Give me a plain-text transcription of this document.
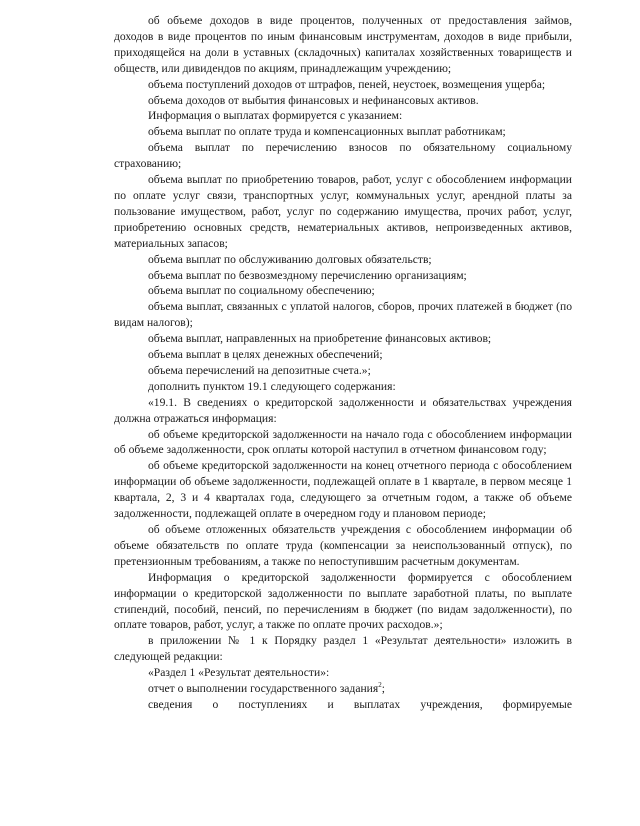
об объеме доходов в виде процентов, полученных от предоставления займов, доходов в виде процентов по иным финансовым инструментам, доходов в виде прибыли, приходящейся на доли в уставных (складочных) капиталах хозяйственных товариществ и обществ, или дивидендов по акциям, принадлежащим учреждению;

объема поступлений доходов от штрафов, пеней, неустоек, возмещения ущерба;

объема доходов от выбытия финансовых и нефинансовых активов.

Информация о выплатах формируется с указанием:

объема выплат по оплате труда и компенсационных выплат работникам;

объема выплат по перечислению взносов по обязательному социальному страхованию;

объема выплат по приобретению товаров, работ, услуг с обособлением информации по оплате услуг связи, транспортных услуг, коммунальных услуг, арендной платы за пользование имуществом, работ, услуг по содержанию имущества, прочих работ, услуг, приобретению основных средств, нематериальных активов, непроизведенных активов, материальных запасов;

объема выплат по обслуживанию долговых обязательств;

объема выплат по безвозмездному перечислению организациям;

объема выплат по социальному обеспечению;

объема выплат, связанных с уплатой налогов, сборов, прочих платежей в бюджет (по видам налогов);

объема выплат, направленных на приобретение финансовых активов;

объема выплат в целях денежных обеспечений;

объема перечислений на депозитные счета.»;

дополнить пунктом 19.1 следующего содержания:

«19.1. В сведениях о кредиторской задолженности и обязательствах учреждения должна отражаться информация:

об объеме кредиторской задолженности на начало года с обособлением информации об объеме задолженности, срок оплаты которой наступил в отчетном финансовом году;

об объеме кредиторской задолженности на конец отчетного периода с обособлением информации об объеме задолженности, подлежащей оплате в 1 квартале, в первом месяце 1 квартала, 2, 3 и 4 кварталах года, следующего за отчетным годом, а также об объеме задолженности, подлежащей оплате в очередном году и плановом периоде;

об объеме отложенных обязательств учреждения с обособлением информации об объеме обязательств по оплате труда (компенсации за неиспользованный отпуск), по претензионным требованиям, а также по непоступившим расчетным документам.

Информация о кредиторской задолженности формируется с обособлением информации о кредиторской задолженности по выплате заработной платы, по выплате стипендий, пособий, пенсий, по перечислениям в бюджет (по видам задолженности), по оплате товаров, работ, услуг, а также по оплате прочих расходов.»;

в приложении № 1 к Порядку раздел 1 «Результат деятельности» изложить в следующей редакции:

«Раздел 1 «Результат деятельности»:

отчет о выполнении государственного задания$^2$;

сведения о поступлениях и выплатах учреждения, формируемые
